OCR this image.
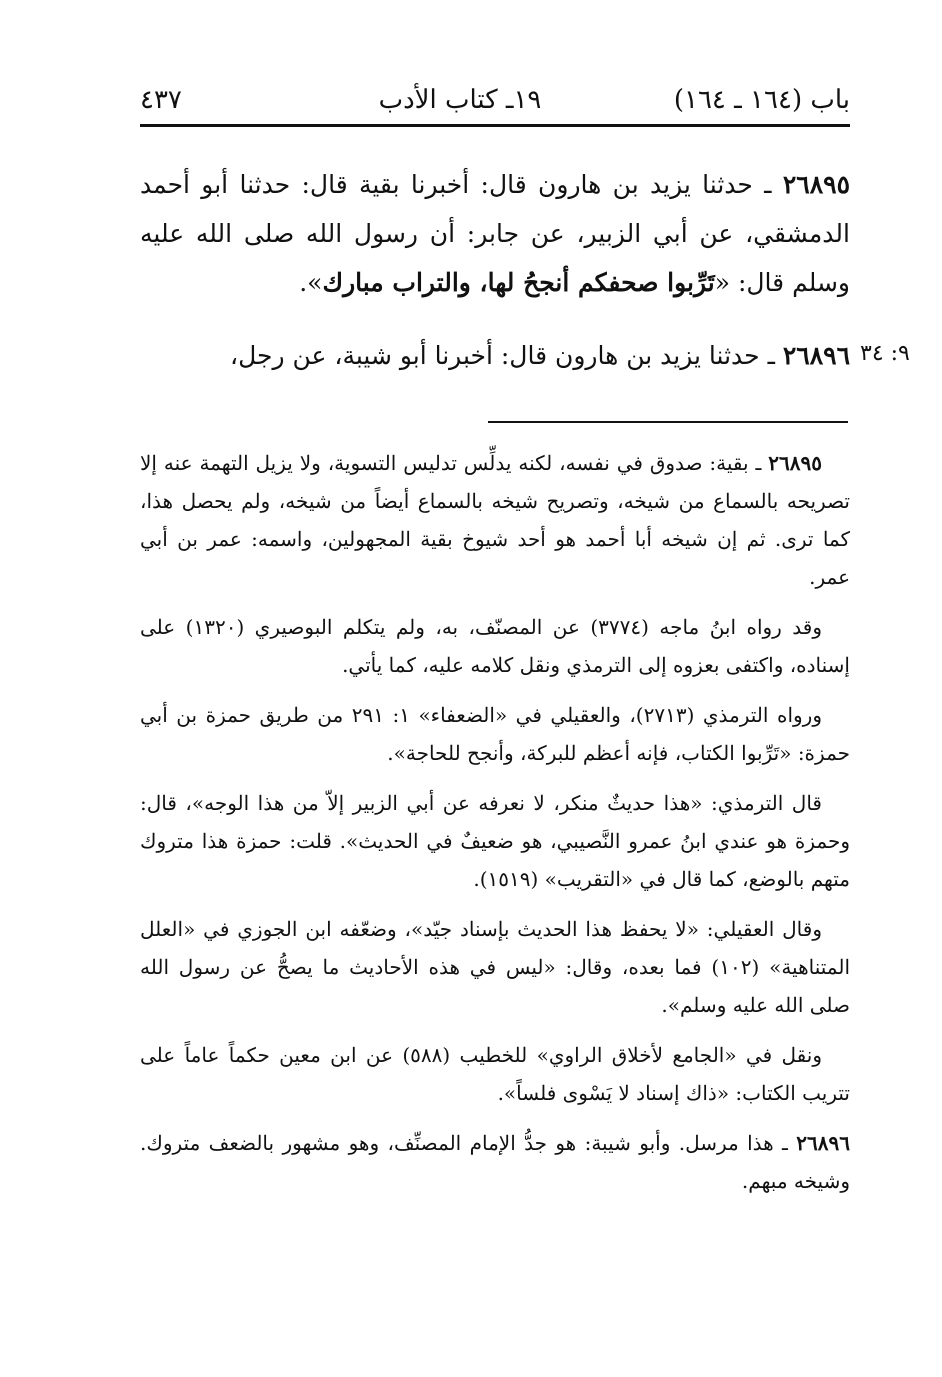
باب (١٦٤ ـ ١٦٤)
١٩ـ كتاب الأدب
٤٣٧

٢٦٨٩٥ ـ حدثنا يزيد بن هارون قال: أخبرنا بقية قال: حدثنا أبو أحمد الدمشقي، عن أبي الزبير، عن جابر: أن رسول الله صلى الله عليه وسلم قال: «تَرِّبوا صحفكم أنجحُ لها، والتراب مبارك».

٢٦٨٩٦ ـ حدثنا يزيد بن هارون قال: أخبرنا أبو شيبة، عن رجل،	٩: ٣٤

٢٦٨٩٥ ـ بقية: صدوق في نفسه، لكنه يدلِّس تدليس التسوية، ولا يزيل التهمة عنه إلا تصريحه بالسماع من شيخه، وتصريح شيخه بالسماع أيضاً من شيخه، ولم يحصل هذا، كما ترى. ثم إن شيخه أبا أحمد هو أحد شيوخ بقية المجهولين، واسمه: عمر بن أبي عمر.

وقد رواه ابنُ ماجه (٣٧٧٤) عن المصنّف، به، ولم يتكلم البوصيري (١٣٢٠) على إسناده، واكتفى بعزوه إلى الترمذي ونقل كلامه عليه، كما يأتي.

ورواه الترمذي (٢٧١٣)، والعقيلي في «الضعفاء» ١: ٢٩١ من طريق حمزة بن أبي حمزة: «تَرِّبوا الكتاب، فإنه أعظم للبركة، وأنجح للحاجة».

قال الترمذي: «هذا حديثٌ منكر، لا نعرفه عن أبي الزبير إلاّ من هذا الوجه»، قال: وحمزة هو عندي ابنُ عمرو النَّصيبي، هو ضعيفٌ في الحديث». قلت: حمزة هذا متروك متهم بالوضع، كما قال في «التقريب» (١٥١٩).

وقال العقيلي: «لا يحفظ هذا الحديث بإسناد جيّد»، وضعّفه ابن الجوزي في «العلل المتناهية» (١٠٢) فما بعده، وقال: «ليس في هذه الأحاديث ما يصحُّ عن رسول الله صلى الله عليه وسلم».

ونقل في «الجامع لأخلاق الراوي» للخطيب (٥٨٨) عن ابن معين حكماً عاماً على تتريب الكتاب: «ذاك إسناد لا يَسْوى فلساً».

٢٦٨٩٦ ـ هذا مرسل. وأبو شيبة: هو جدُّ الإمام المصنِّف، وهو مشهور بالضعف متروك. وشيخه مبهم.
